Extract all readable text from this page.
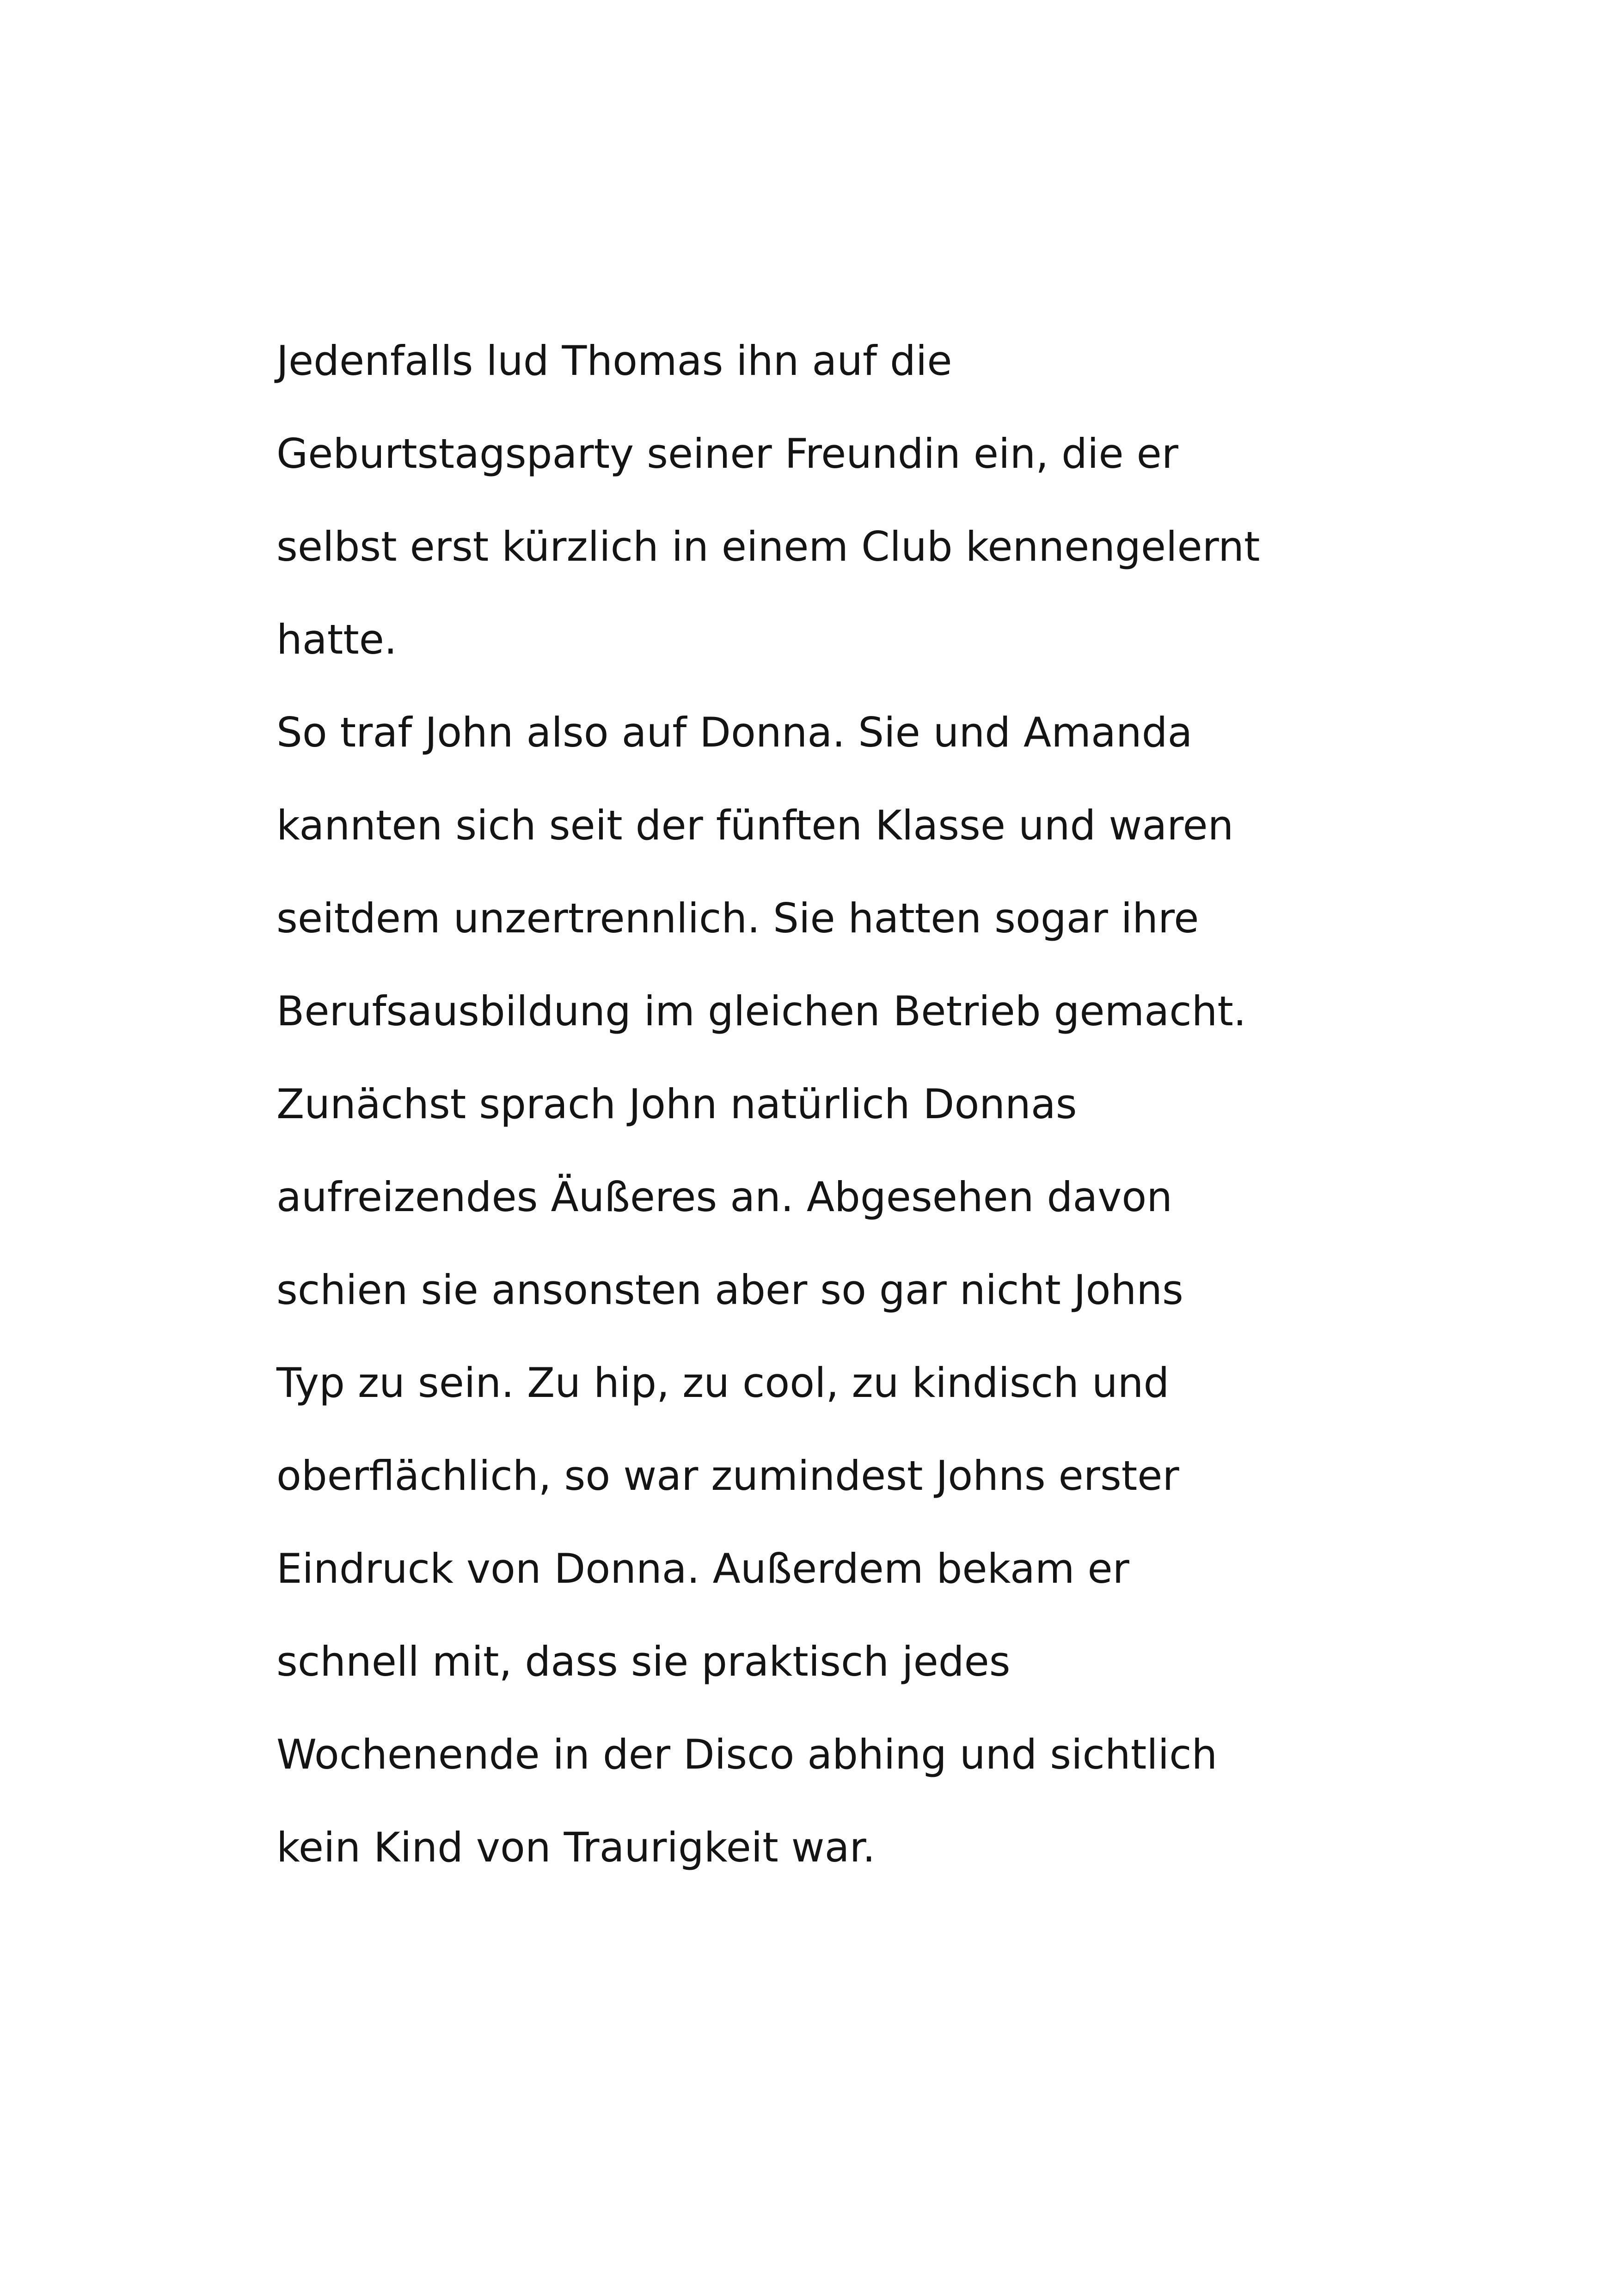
Jedenfalls lud Thomas ihn auf die
Geburtstagsparty seiner Freundin ein, die er
selbst erst kürzlich in einem Club kennengelernt
hatte.
So traf John also auf Donna. Sie und Amanda
kannten sich seit der fünften Klasse und waren
seitdem unzertrennlich. Sie hatten sogar ihre
Berufsausbildung im gleichen Betrieb gemacht.
Zunächst sprach John natürlich Donnas
aufreizendes Äußeres an. Abgesehen davon
schien sie ansonsten aber so gar nicht Johns
Typ zu sein. Zu hip, zu cool, zu kindisch und
oberflächlich, so war zumindest Johns erster
Eindruck von Donna. Außerdem bekam er
schnell mit, dass sie praktisch jedes
Wochenende in der Disco abhing und sichtlich
kein Kind von Traurigkeit war.
